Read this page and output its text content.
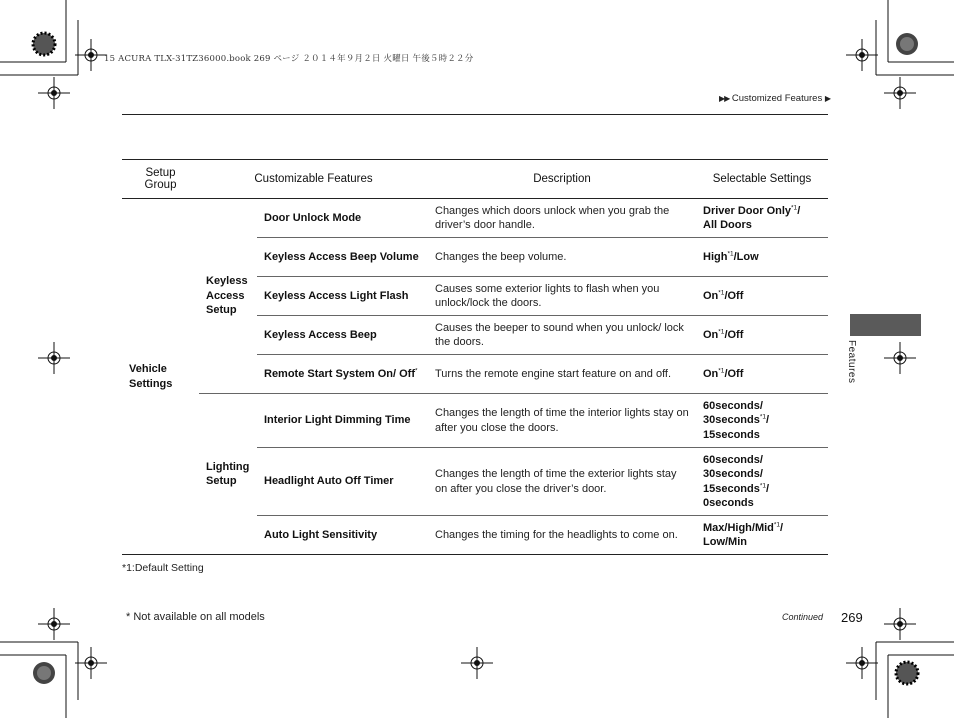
15 ACURA TLX-31TZ36000.book 269 ページ ２０１４年９月２日 火曜日 午後５時２２分
▶▶ Customized Features ▶
Features
Setup
Group	Customizable Features		Description	Selectable Settings
Vehicle Settings	Keyless Access Setup	Door Unlock Mode	Changes which doors unlock when you grab the driver’s door handle.	Driver Door Only$^{*1}$/
All Doors
		Keyless Access Beep Volume	Changes the beep volume.	High$^{*1}$/Low
		Keyless Access Light Flash	Causes some exterior lights to flash when you unlock/lock the doors.	On$^{*1}$/Off
		Keyless Access Beep	Causes the beeper to sound when you unlock/ lock the doors.	On$^{*1}$/Off
		Remote Start System On/ Off*	Turns the remote engine start feature on and off.	On$^{*1}$/Off
	Lighting Setup	Interior Light Dimming Time	Changes the length of time the interior lights stay on after you close the doors.	60seconds/
30seconds$^{*1}$/
15seconds
		Headlight Auto Off Timer	Changes the length of time the exterior lights stay on after you close the driver’s door.	60seconds/
30seconds/
15seconds$^{*1}$/
0seconds
		Auto Light Sensitivity	Changes the timing for the headlights to come on.	Max/High/Mid$^{*1}$/
Low/Min
*1:Default Setting
* Not available on all models	Continued 269
